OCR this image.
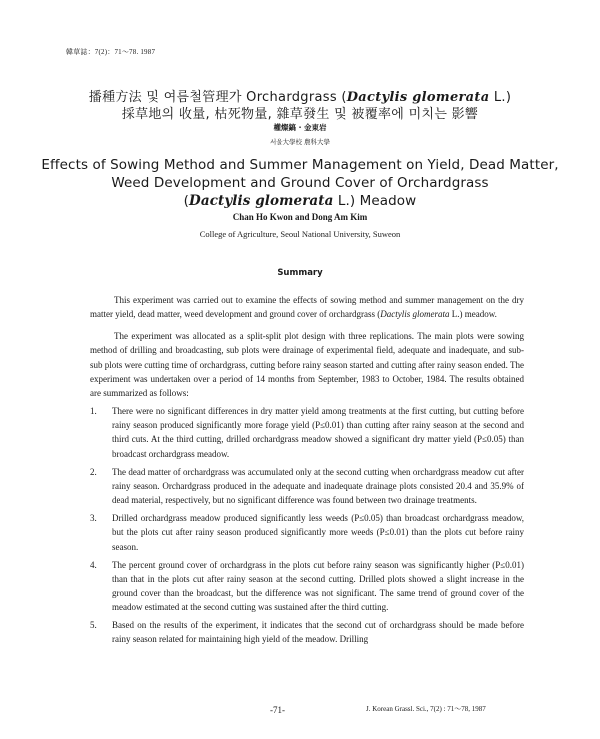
韓草誌：7(2)：71～78. 1987
播種方法 및 여름철管理가 Orchardgrass (Dactylis glomerata L.)
採草地의 收量, 枯死物量, 雜草發生 및 被覆率에 미치는 影響
權燦鎬 · 金東岩
서울大學校 農科大學
Effects of Sowing Method and Summer Management on Yield, Dead Matter,
Weed Development and Ground Cover of Orchardgrass
(Dactylis glomerata L.) Meadow
Chan Ho Kwon and Dong Am Kim
College of Agriculture, Seoul National University, Suweon
Summary

This experiment was carried out to examine the effects of sowing method and summer management on the dry matter yield, dead matter, weed development and ground cover of orchardgrass (Dactylis glomerata L.) meadow.

The experiment was allocated as a split-split plot design with three replications. The main plots were sowing method of drilling and broadcasting, sub plots were drainage of experimental field, adequate and inadequate, and sub-sub plots were cutting time of orchardgrass, cutting before rainy season started and cutting after rainy season ended. The experiment was undertaken over a period of 14 months from September, 1983 to October, 1984. The results obtained are summarized as follows:

1. There were no significant differences in dry matter yield among treatments at the first cutting, but cutting before rainy season produced significantly more forage yield (P≤0.01) than cutting after rainy season at the second and third cuts. At the third cutting, drilled orchardgrass meadow showed a significant dry matter yield (P≤0.05) than broadcast orchardgrass meadow.
2. The dead matter of orchardgrass was accumulated only at the second cutting when orchardgrass meadow cut after rainy season. Orchardgrass produced in the adequate and inadequate drainage plots consisted 20.4 and 35.9% of dead material, respectively, but no significant difference was found between two drainage treatments.
3. Drilled orchardgrass meadow produced significantly less weeds (P≤0.05) than broadcast orchardgrass meadow, but the plots cut after rainy season produced significantly more weeds (P≤0.01) than the plots cut before rainy season.
4. The percent ground cover of orchardgrass in the plots cut before rainy season was significantly higher (P≤0.01) than that in the plots cut after rainy season at the second cutting. Drilled plots showed a slight increase in the ground cover than the broadcast, but the difference was not significant. The same trend of ground cover of the meadow estimated at the second cutting was sustained after the third cutting.
5. Based on the results of the experiment, it indicates that the second cut of orchardgrass should be made before rainy season related for maintaining high yield of the meadow. Drilling
-71-	J. Korean Grassl. Sci., 7(2) : 71～78, 1987
